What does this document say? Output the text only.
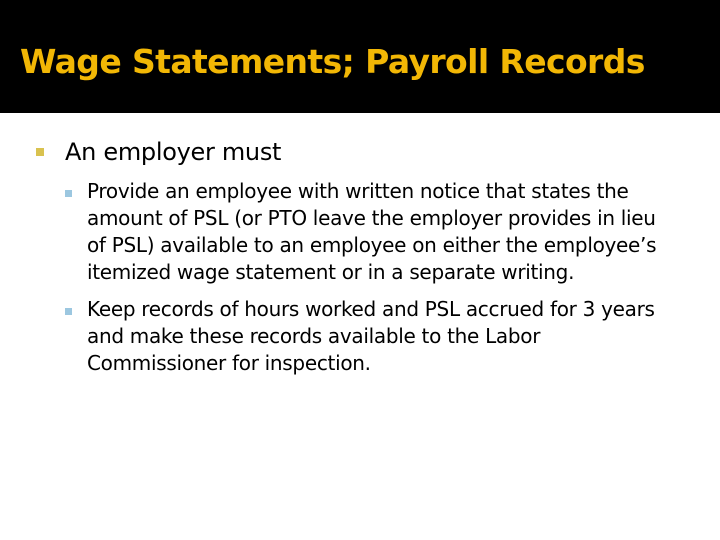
Wage Statements; Payroll Records
An employer must
Provide an employee with written notice that states the amount of PSL (or PTO leave the employer provides in lieu of PSL) available to an employee on either the employee’s itemized wage statement or in a separate writing.
Keep records of hours worked and PSL accrued for 3 years and make these records available to the Labor Commissioner for inspection.
